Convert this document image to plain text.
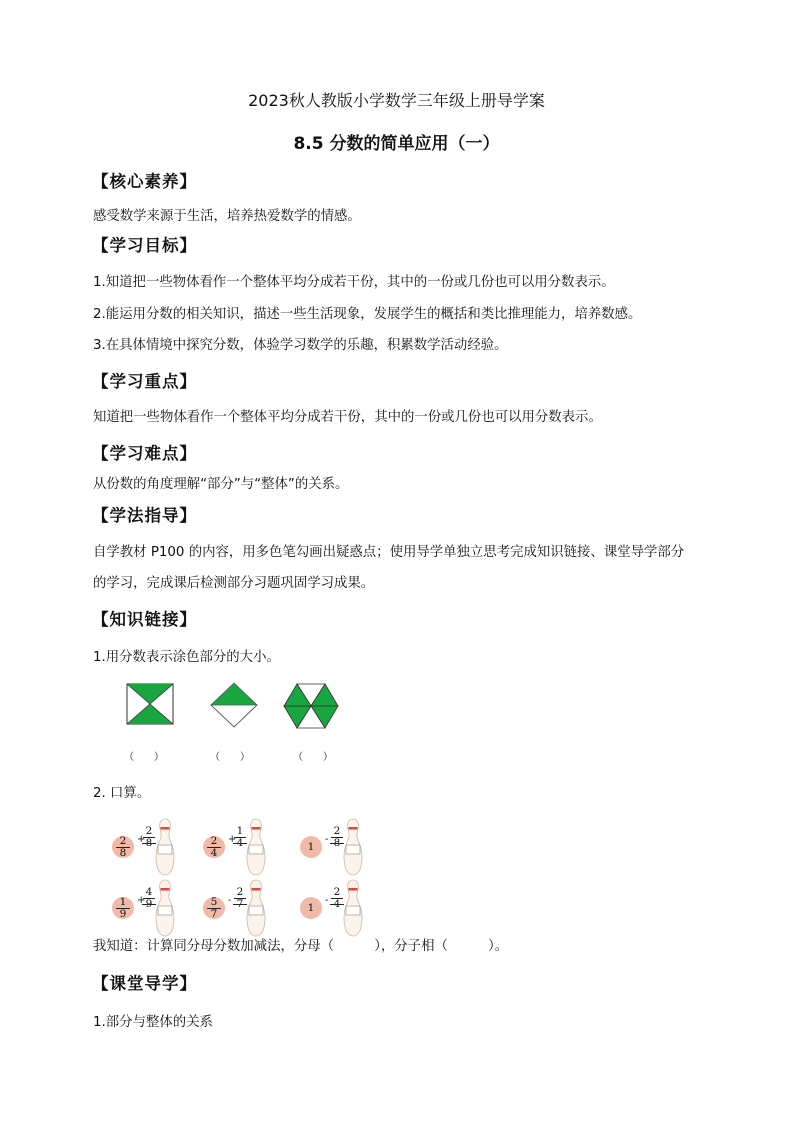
2023秋人教版小学数学三年级上册导学案
8.5 分数的简单应用（一）
【核心素养】
感受数学来源于生活，培养热爱数学的情感。
【学习目标】
1.知道把一些物体看作一个整体平均分成若干份，其中的一份或几份也可以用分数表示。
2.能运用分数的相关知识，描述一些生活现象，发展学生的概括和类比推理能力，培养数感。
3.在具体情境中探究分数，体验学习数学的乐趣，积累数学活动经验。
【学习重点】
知道把一些物体看作一个整体平均分成若干份，其中的一份或几份也可以用分数表示。
【学习难点】
从份数的角度理解“部分”与“整体”的关系。
【学法指导】
自学教材 P100 的内容，用多色笔勾画出疑惑点；使用导学单独立思考完成知识链接、课堂导学部分
的学习，完成课后检测部分习题巩固学习成果。
【知识链接】
1.用分数表示涂色部分的大小。
（　　）	（　　）	（　　）
2. 口算。
2
8
+
2
8	2
4
+
1
4	1
-
2
8
1
9
+
4
9	5
7
-
2
7	1
-
2
4
我知道：计算同分母分数加减法，分母（　　　），分子相（　　　）。
【课堂导学】
1.部分与整体的关系
